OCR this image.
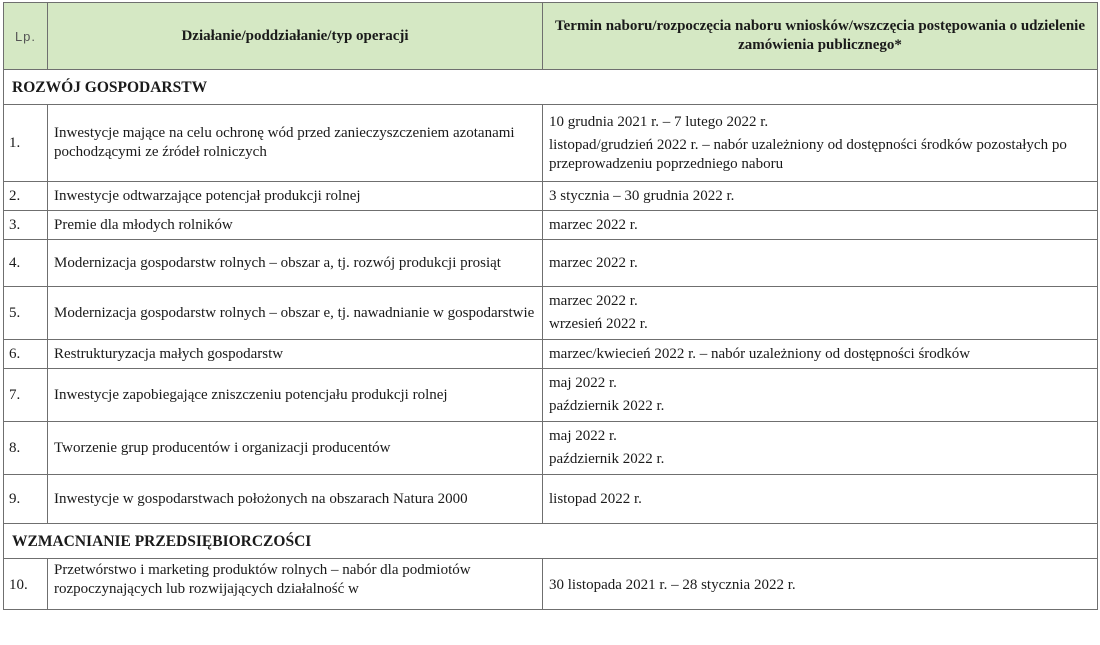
Lp.	Działanie/poddziałanie/typ operacji	Termin naboru/rozpoczęcia naboru wniosków/wszczęcia postępowania o udzielenie zamówienia publicznego*
ROZWÓJ GOSPODARSTW		
1.	Inwestycje mające na celu ochronę wód przed zanieczyszczeniem azotanami pochodzącymi ze źródeł rolniczych	10 grudnia 2021 r. – 7 lutego 2022 r.
listopad/grudzień 2022 r. – nabór uzależniony od dostępności środków pozostałych po przeprowadzeniu poprzedniego naboru

2.	Inwestycje odtwarzające potencjał produkcji rolnej	3 stycznia – 30 grudnia 2022 r.

3.	Premie dla młodych rolników	marzec 2022 r.

4.	Modernizacja gospodarstw rolnych – obszar a, tj. rozwój produkcji prosiąt	marzec 2022 r.

5.	Modernizacja gospodarstw rolnych – obszar e, tj. nawadnianie w gospodarstwie	marzec 2022 r.
wrzesień 2022 r.

6.	Restrukturyzacja małych gospodarstw	marzec/kwiecień 2022 r. – nabór uzależniony od dostępności środków

7.	Inwestycje zapobiegające zniszczeniu potencjału produkcji rolnej	maj 2022 r.
październik 2022 r.

8.	Tworzenie grup producentów i organizacji producentów	maj 2022 r.
październik 2022 r.

9.	Inwestycje w gospodarstwach położonych na obszarach Natura 2000	listopad 2022 r.

WZMACNIANIE PRZEDSIĘBIORCZOŚCI		
10.	Przetwórstwo i marketing produktów rolnych – nabór dla podmiotów rozpoczynających lub rozwijających działalność w	30 listopada 2021 r. – 28 stycznia 2022 r.
